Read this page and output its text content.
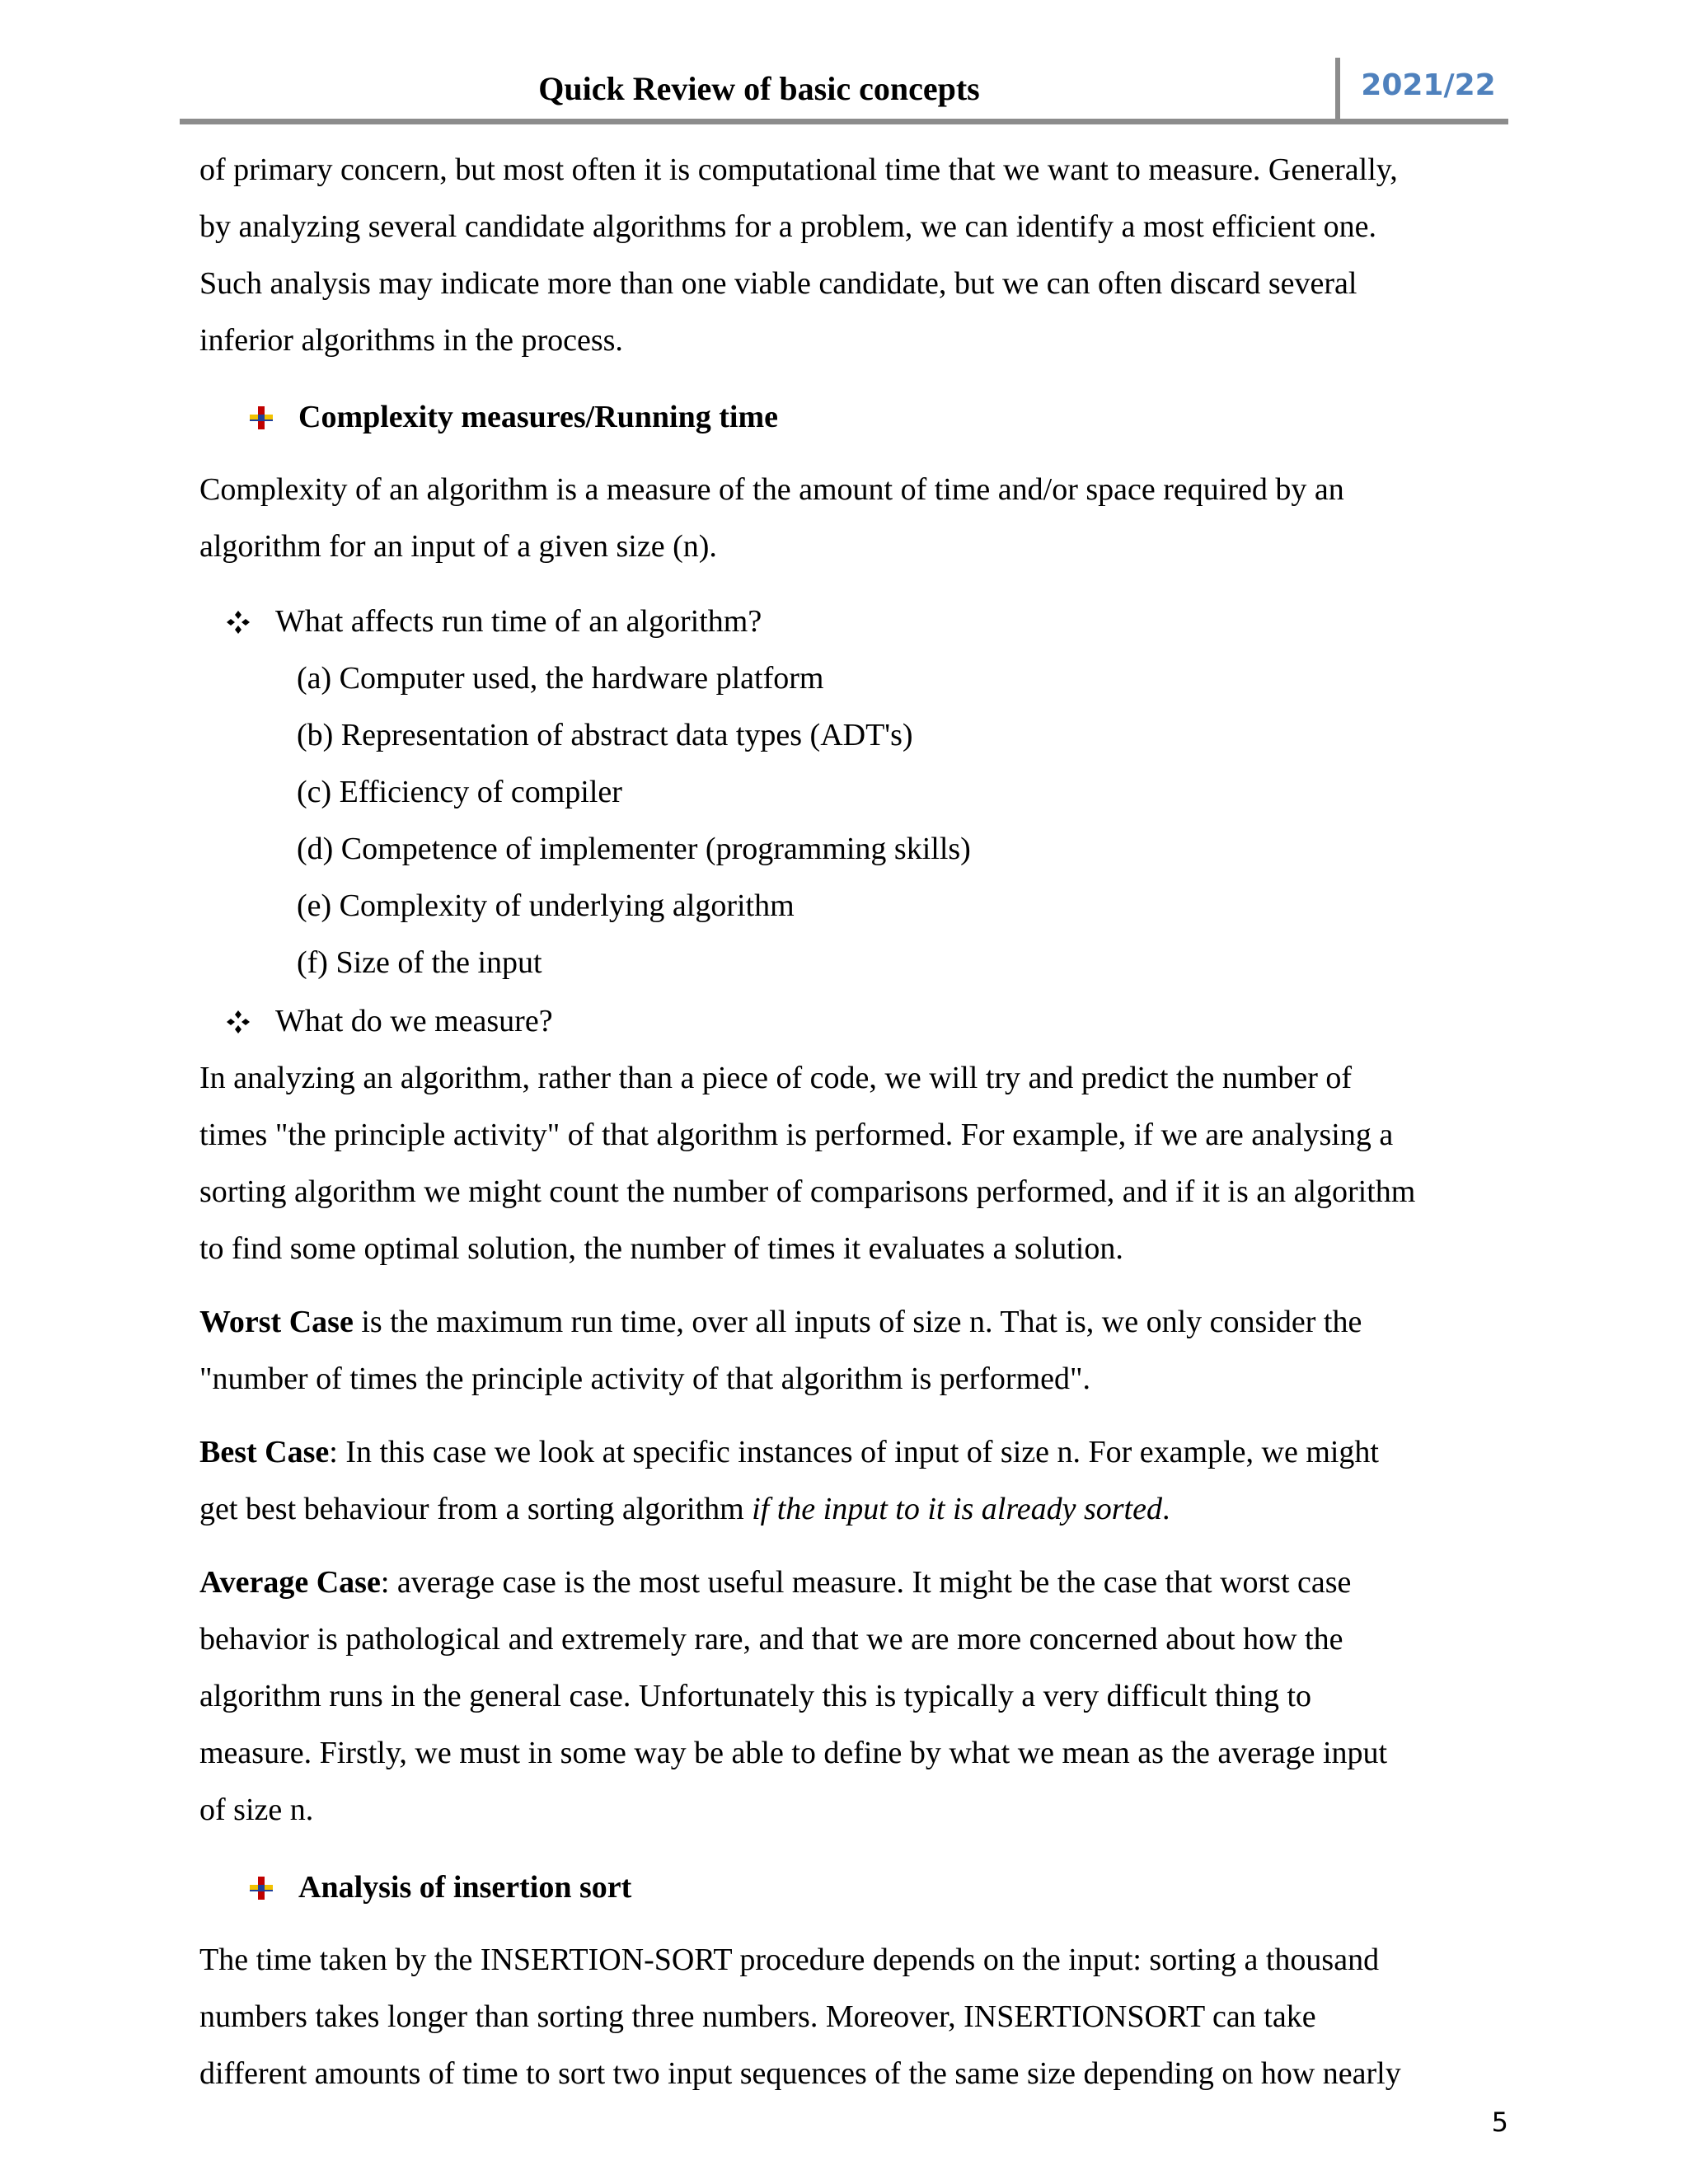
Quick Review of basic concepts	2021/22
of primary concern, but most often it is computational time that we want to measure. Generally,
by analyzing several candidate algorithms for a problem, we can identify a most efficient one.
Such analysis may indicate more than one viable candidate, but we can often discard several
inferior algorithms in the process.
Complexity measures/Running time
Complexity of an algorithm is a measure of the amount of time and/or space required by an
algorithm for an input of a given size (n).
What affects run time of an algorithm?
(a) Computer used, the hardware platform
(b) Representation of abstract data types (ADT's)
(c) Efficiency of compiler
(d) Competence of implementer (programming skills)
(e) Complexity of underlying algorithm
(f) Size of the input
What do we measure?
In analyzing an algorithm, rather than a piece of code, we will try and predict the number of
times "the principle activity" of that algorithm is performed. For example, if we are analysing a
sorting algorithm we might count the number of comparisons performed, and if it is an algorithm
to find some optimal solution, the number of times it evaluates a solution.
Worst Case is the maximum run time, over all inputs of size n. That is, we only consider the
"number of times the principle activity of that algorithm is performed".
Best Case: In this case we look at specific instances of input of size n. For example, we might
get best behaviour from a sorting algorithm if the input to it is already sorted.
Average Case: average case is the most useful measure. It might be the case that worst case
behavior is pathological and extremely rare, and that we are more concerned about how the
algorithm runs in the general case. Unfortunately this is typically a very difficult thing to
measure. Firstly, we must in some way be able to define by what we mean as the average input
of size n.
Analysis of insertion sort
The time taken by the INSERTION-SORT procedure depends on the input: sorting a thousand
numbers takes longer than sorting three numbers. Moreover, INSERTIONSORT can take
different amounts of time to sort two input sequences of the same size depending on how nearly
5
